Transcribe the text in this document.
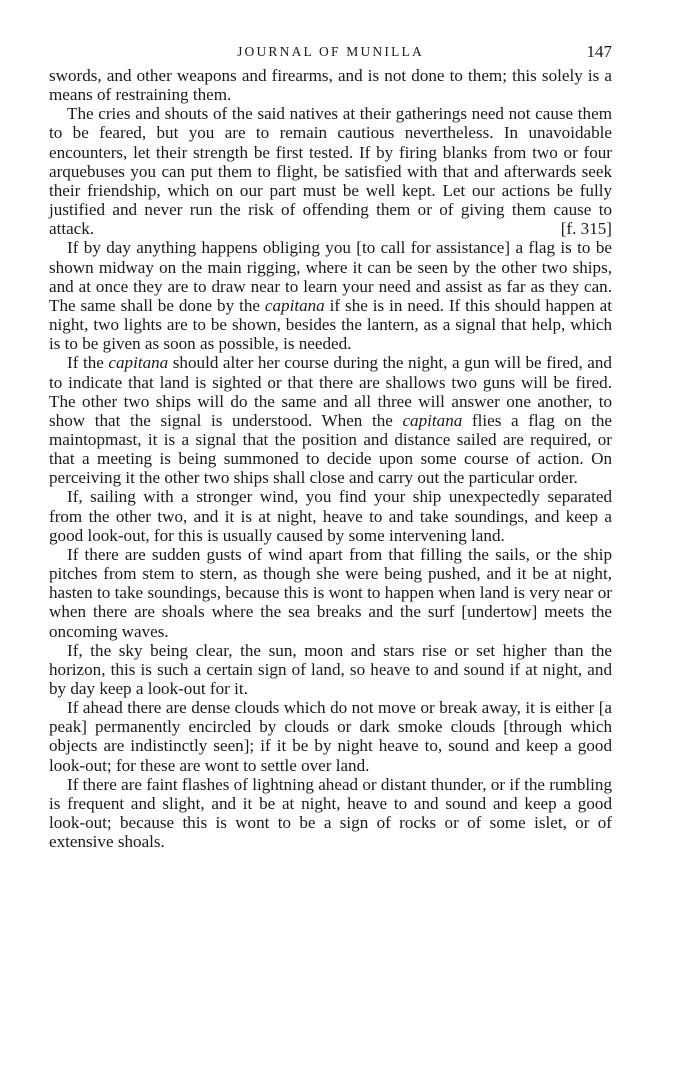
JOURNAL OF MUNILLA	147

swords, and other weapons and firearms, and is not done to them; this solely is a means of restraining them.

The cries and shouts of the said natives at their gatherings need not cause them to be feared, but you are to remain cautious nevertheless. In unavoidable encounters, let their strength be first tested. If by firing blanks from two or four arquebuses you can put them to flight, be satisfied with that and afterwards seek their friendship, which on our part must be well kept. Let our actions be fully justified and never run the risk of offending them or of giving them cause to attack.	[f. 315]

If by day anything happens obliging you [to call for assistance] a flag is to be shown midway on the main rigging, where it can be seen by the other two ships, and at once they are to draw near to learn your need and assist as far as they can. The same shall be done by the capitana if she is in need. If this should happen at night, two lights are to be shown, besides the lantern, as a signal that help, which is to be given as soon as possible, is needed.

If the capitana should alter her course during the night, a gun will be fired, and to indicate that land is sighted or that there are shallows two guns will be fired. The other two ships will do the same and all three will answer one another, to show that the signal is understood. When the capitana flies a flag on the maintopmast, it is a signal that the position and distance sailed are required, or that a meeting is being summoned to decide upon some course of action. On perceiving it the other two ships shall close and carry out the particular order.

If, sailing with a stronger wind, you find your ship unexpectedly separated from the other two, and it is at night, heave to and take soundings, and keep a good look-out, for this is usually caused by some intervening land.

If there are sudden gusts of wind apart from that filling the sails, or the ship pitches from stem to stern, as though she were being pushed, and it be at night, hasten to take soundings, because this is wont to happen when land is very near or when there are shoals where the sea breaks and the surf [undertow] meets the oncoming waves.

If, the sky being clear, the sun, moon and stars rise or set higher than the horizon, this is such a certain sign of land, so heave to and sound if at night, and by day keep a look-out for it.

If ahead there are dense clouds which do not move or break away, it is either [a peak] permanently encircled by clouds or dark smoke clouds [through which objects are indistinctly seen]; if it be by night heave to, sound and keep a good look-out; for these are wont to settle over land.

If there are faint flashes of lightning ahead or distant thunder, or if the rumbling is frequent and slight, and it be at night, heave to and sound and keep a good look-out; because this is wont to be a sign of rocks or of some islet, or of extensive shoals.
